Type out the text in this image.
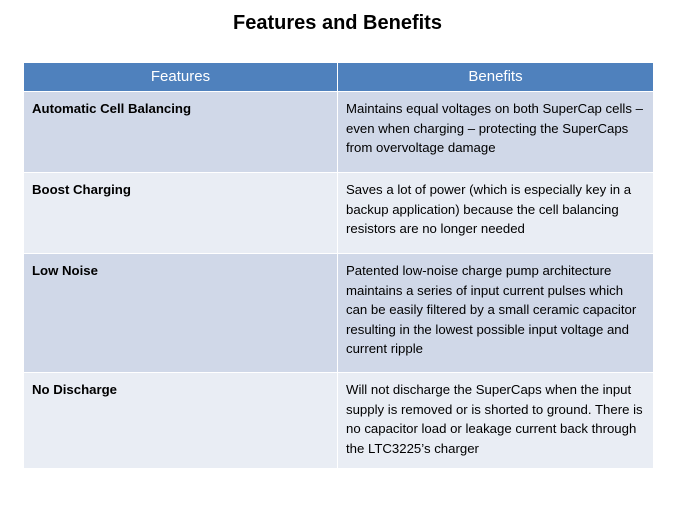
Features and Benefits
Features	Benefits
Automatic Cell Balancing	Maintains equal voltages on both SuperCap cells – even when charging – protecting the SuperCaps from overvoltage damage
Boost Charging	Saves a lot of power (which is especially key in a backup application) because the cell balancing resistors are no longer needed
Low Noise	Patented low-noise charge pump architecture maintains a series of input current pulses which can be easily filtered by a small ceramic capacitor resulting in the lowest possible input voltage and current ripple
No Discharge	Will not discharge the SuperCaps when the input supply is removed or is shorted to ground. There is no capacitor load or leakage current back through the LTC3225’s charger
